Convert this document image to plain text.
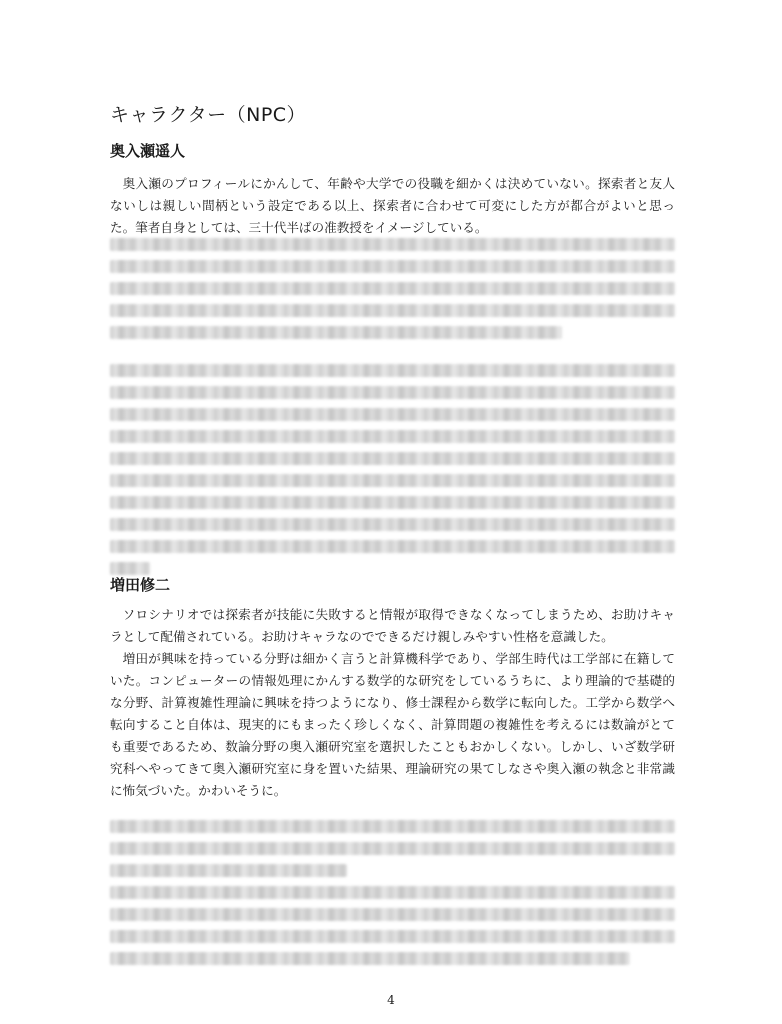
キャラクター（NPC）
奥入瀬遥人

奥入瀬のプロフィールにかんして、年齢や大学での役職を細かくは決めていない。探索者と友人ないしは親しい間柄という設定である以上、探索者に合わせて可変にした方が都合がよいと思った。筆者自身としては、三十代半ばの准教授をイメージしている。

増田修二

ソロシナリオでは探索者が技能に失敗すると情報が取得できなくなってしまうため、お助けキャラとして配備されている。お助けキャラなのでできるだけ親しみやすい性格を意識した。

増田が興味を持っている分野は細かく言うと計算機科学であり、学部生時代は工学部に在籍していた。コンピューターの情報処理にかんする数学的な研究をしているうちに、より理論的で基礎的な分野、計算複雑性理論に興味を持つようになり、修士課程から数学に転向した。工学から数学へ転向すること自体は、現実的にもまったく珍しくなく、計算問題の複雑性を考えるには数論がとても重要であるため、数論分野の奥入瀬研究室を選択したこともおかしくない。しかし、いざ数学研究科へやってきて奥入瀬研究室に身を置いた結果、理論研究の果てしなさや奥入瀬の執念と非常識に怖気づいた。かわいそうに。

4
